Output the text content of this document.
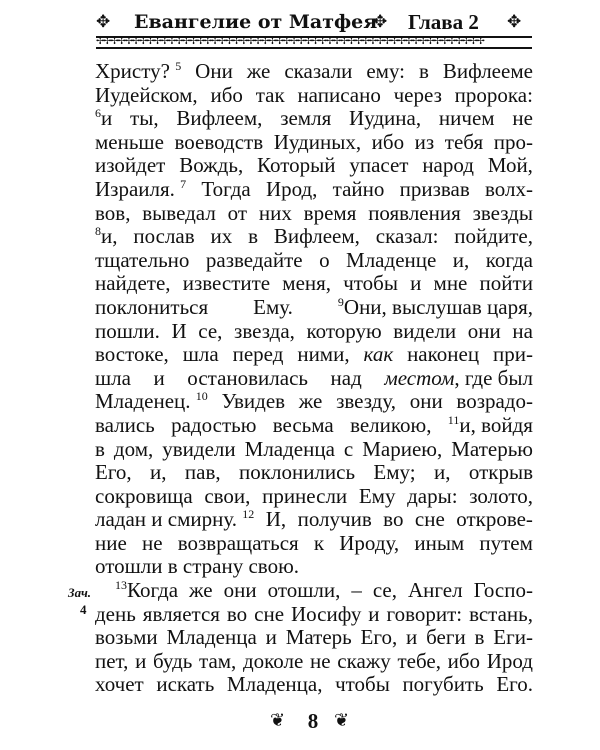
✥ Евангелие от Матфея
✥ Глава 2 ✥
✢✢✢✢✢✢✢✢✢✢✢✢✢✢✢✢✢✢✢✢✢✢✢✢✢✢✢✢✢✢✢✢✢✢✢✢✢✢✢✢✢✢✢✢✢✢✢✢✢✢✢✢✢✢
Христу? $^5$ Они же сказали ему: в Вифлееме
Иудейском, ибо так написано через пророка:
$^6$и ты, Вифлеем, земля Иудина, ничем не
меньше воеводств Иудиных, ибо из тебя про-
изойдет Вождь, Который упасет народ Мой,
Израиля. $^7$ Тогда Ирод, тайно призвав волх-
вов, выведал от них время появления звезды
$^8$и, послав их в Вифлеем, сказал: пойдите,
тщательно разведайте о Младенце и, когда
найдете, известите меня, чтобы и мне пойти
поклониться Ему.	$^9$Они, выслушав царя,
пошли. И се, звезда, которую видели они на
востоке, шла перед ними, как наконец при-
шла и остановилась над местом, где был
Младенец. $^{10}$ Увидев же звезду, они возрадо-
вались радостью весьма великою, $^{11}$и, войдя
в дом, увидели Младенца с Мариею, Матерью
Его, и, пав, поклонились Ему; и, открыв
сокровища свои, принесли Ему дары: золото,
ладан и смирну. $^{12}$ И, получив во сне открове-
ние не возвращаться к Ироду, иным путем
отошли в страну свою.
$^{13}$Когда же они отошли, – се, Ангел Госпо-
день является во сне Иосифу и говорит: встань,
возьми Младенца и Матерь Его, и беги в Еги-
пет, и будь там, доколе не скажу тебе, ибо Ирод
хочет искать Младенца, чтобы погубить Его.
Зач.
4
❦	8 ❦
